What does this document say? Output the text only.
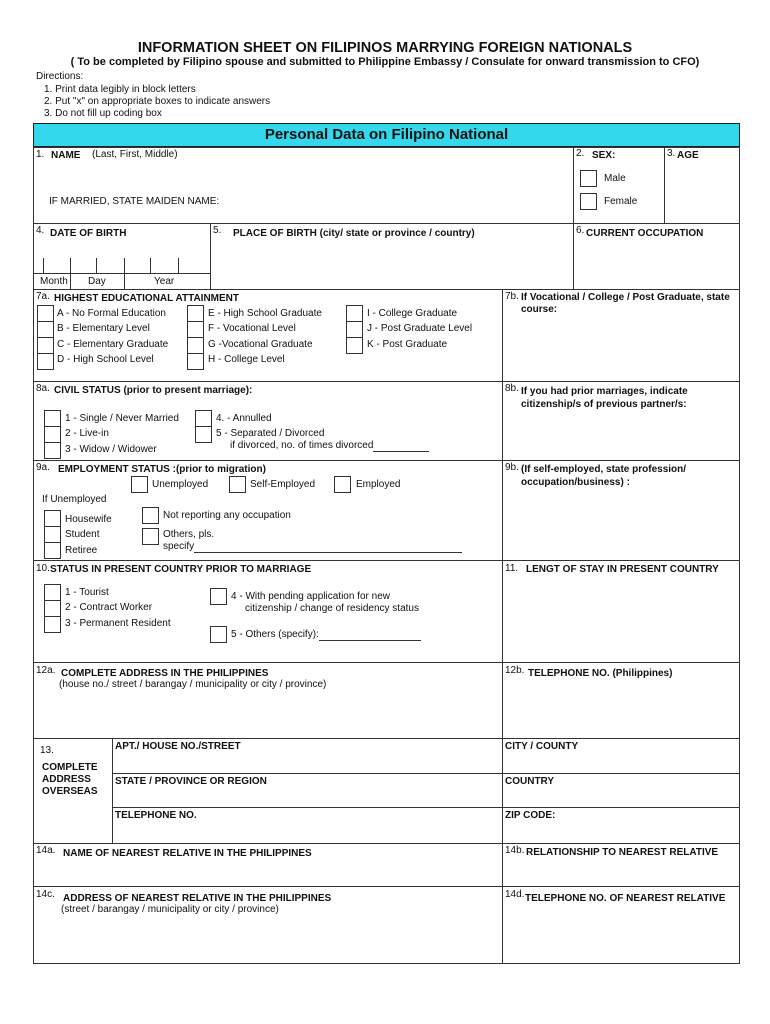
INFORMATION SHEET ON FILIPINOS MARRYING FOREIGN NATIONALS
( To be completed by Filipino spouse and submitted to Philippine Embassy / Consulate for onward transmission to CFO)
Directions:
1. Print data legibly in block letters
2. Put "x" on appropriate boxes to indicate answers
3. Do not fill up coding box
Personal Data on Filipino National
1. NAME (Last, First, Middle)
IF MARRIED, STATE MAIDEN NAME:
2. SEX:
Male
Female
3. AGE
4. DATE OF BIRTH
Month Day	Year
5. PLACE OF BIRTH (city/ state or province / country)	6. CURRENT OCCUPATION
7a. HIGHEST EDUCATIONAL ATTAINMENT
A - No Formal Education
B - Elementary Level
C - Elementary Graduate
D - High School Level
E - High School Graduate
F - Vocational Level
G -Vocational Graduate
H - College Level
I - College Graduate
J - Post Graduate Level
K - Post Graduate
7b. If Vocational / College / Post Graduate, state
course:
8a. CIVIL STATUS (prior to present marriage):
1 - Single / Never Married
2 - Live-in
3 - Widow / Widower
4. - Annulled
5 - Separated / Divorced
if divorced, no. of times divorced
8b. If you had prior marriages, indicate
citizenship/s of previous partner/s:
9a. EMPLOYMENT STATUS :(prior to migration)
Unemployed	Self-Employed	Employed
If Unemployed
Housewife
Student
Retiree
Not reporting any occupation
Others, pls.
specify
9b. (If self-employed, state profession/
occupation/business) :
10. STATUS IN PRESENT COUNTRY PRIOR TO MARRIAGE
1 - Tourist
2 - Contract Worker
3 - Permanent Resident
4 - With pending application for new
citizenship / change of residency status
5 - Others (specify):
11. LENGT OF STAY IN PRESENT COUNTRY
12a. COMPLETE ADDRESS IN THE PHILIPPINES
(house no./ street / barangay / municipality or city / province)
12b. TELEPHONE NO. (Philippines)
13.
COMPLETE
ADDRESS
OVERSEAS
APT./ HOUSE NO./STREET	CITY / COUNTY
STATE / PROVINCE OR REGION	COUNTRY
TELEPHONE NO.	ZIP CODE:
14a. NAME OF NEAREST RELATIVE IN THE PHILIPPINES	14b. RELATIONSHIP TO NEAREST RELATIVE
14c. ADDRESS OF NEAREST RELATIVE IN THE PHILIPPINES
(street / barangay / municipality or city / province)
14d. TELEPHONE NO. OF NEAREST RELATIVE
